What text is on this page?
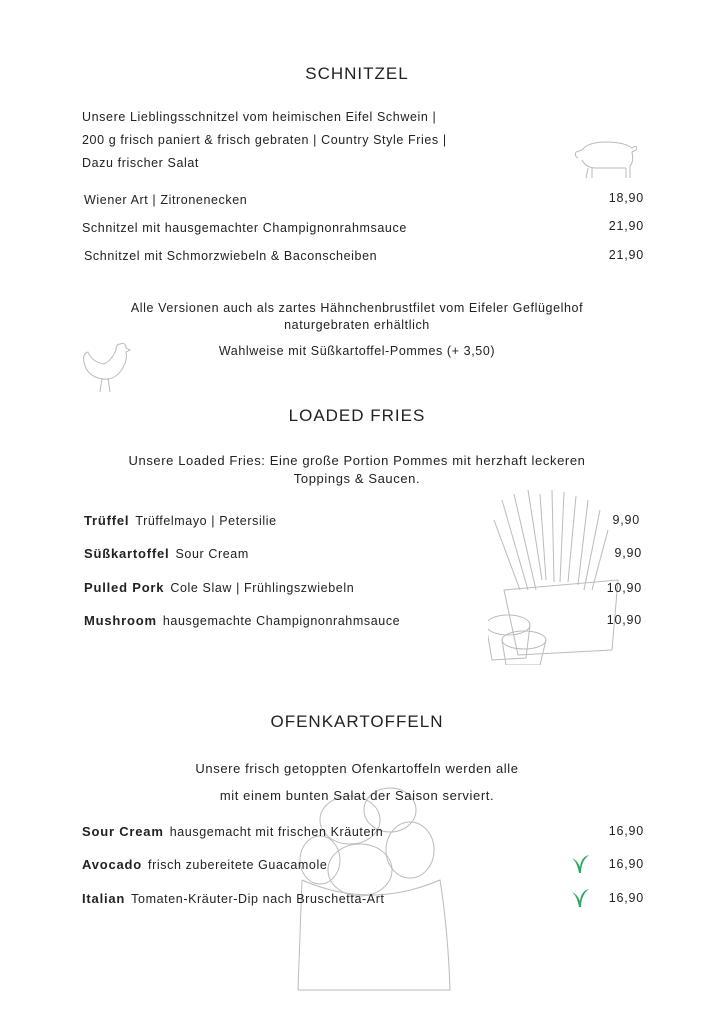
SCHNITZEL
Unsere Lieblingsschnitzel vom heimischen Eifel Schwein |
200 g frisch paniert & frisch gebraten | Country Style Fries |
Dazu frischer Salat
Wiener Art | Zitronenecken	18,90
Schnitzel mit hausgemachter Champignonrahmsauce	21,90
Schnitzel mit Schmorzwiebeln & Baconscheiben	21,90
Alle Versionen auch als zartes Hähnchenbrustfilet vom Eifeler Geflügelhof
naturgebraten erhältlich
Wahlweise mit Süßkartoffel-Pommes (+ 3,50)
LOADED FRIES
Unsere Loaded Fries: Eine große Portion Pommes mit herzhaft leckeren
Toppings & Saucen.
Trüffel Trüffelmayo | Petersilie	9,90
Süßkartoffel Sour Cream	9,90
Pulled Pork Cole Slaw | Frühlingszwiebeln	10,90
Mushroom hausgemachte Champignonrahmsauce	10,90
OFENKARTOFFELN
Unsere frisch getoppten Ofenkartoffeln werden alle
mit einem bunten Salat der Saison serviert.
Sour Cream hausgemacht mit frischen Kräutern	16,90
Avocado frisch zubereitete Guacamole	16,90
Italian Tomaten-Kräuter-Dip nach Bruschetta-Art	16,90
